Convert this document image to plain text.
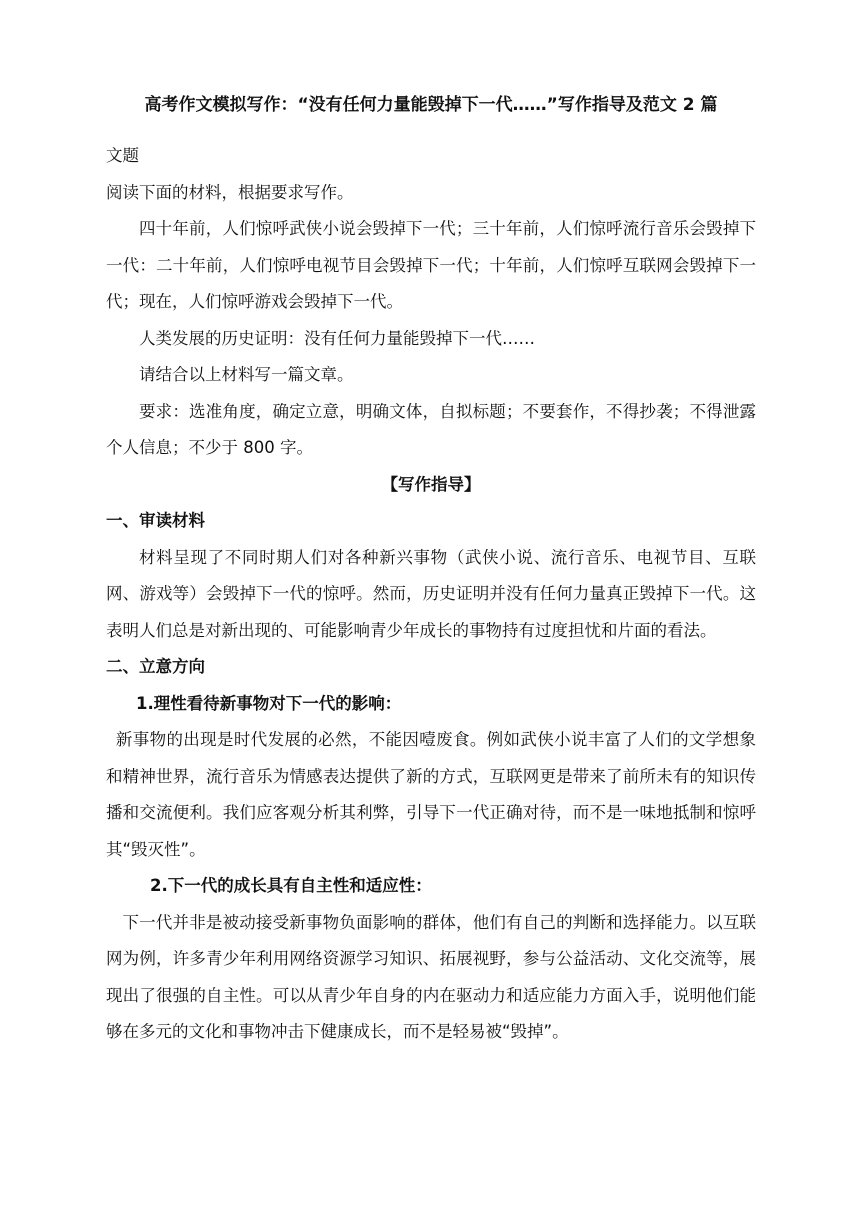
高考作文模拟写作：“没有任何力量能毁掉下一代……”写作指导及范文 2 篇

文题

阅读下面的材料，根据要求写作。

四十年前，人们惊呼武侠小说会毁掉下一代；三十年前，人们惊呼流行音乐会毁掉下一代：二十年前，人们惊呼电视节目会毁掉下一代；十年前，人们惊呼互联网会毁掉下一代；现在，人们惊呼游戏会毁掉下一代。

人类发展的历史证明：没有任何力量能毁掉下一代……

请结合以上材料写一篇文章。

要求：选准角度，确定立意，明确文体，自拟标题；不要套作，不得抄袭；不得泄露个人信息；不少于 800 字。

【写作指导】

一、审读材料

材料呈现了不同时期人们对各种新兴事物（武侠小说、流行音乐、电视节目、互联网、游戏等）会毁掉下一代的惊呼。然而，历史证明并没有任何力量真正毁掉下一代。这表明人们总是对新出现的、可能影响青少年成长的事物持有过度担忧和片面的看法。

二、立意方向

1.理性看待新事物对下一代的影响：

新事物的出现是时代发展的必然，不能因噎废食。例如武侠小说丰富了人们的文学想象和精神世界，流行音乐为情感表达提供了新的方式，互联网更是带来了前所未有的知识传播和交流便利。我们应客观分析其利弊，引导下一代正确对待，而不是一味地抵制和惊呼其“毁灭性”。

2.下一代的成长具有自主性和适应性：

下一代并非是被动接受新事物负面影响的群体，他们有自己的判断和选择能力。以互联网为例，许多青少年利用网络资源学习知识、拓展视野，参与公益活动、文化交流等，展现出了很强的自主性。可以从青少年自身的内在驱动力和适应能力方面入手，说明他们能够在多元的文化和事物冲击下健康成长，而不是轻易被“毁掉”。
